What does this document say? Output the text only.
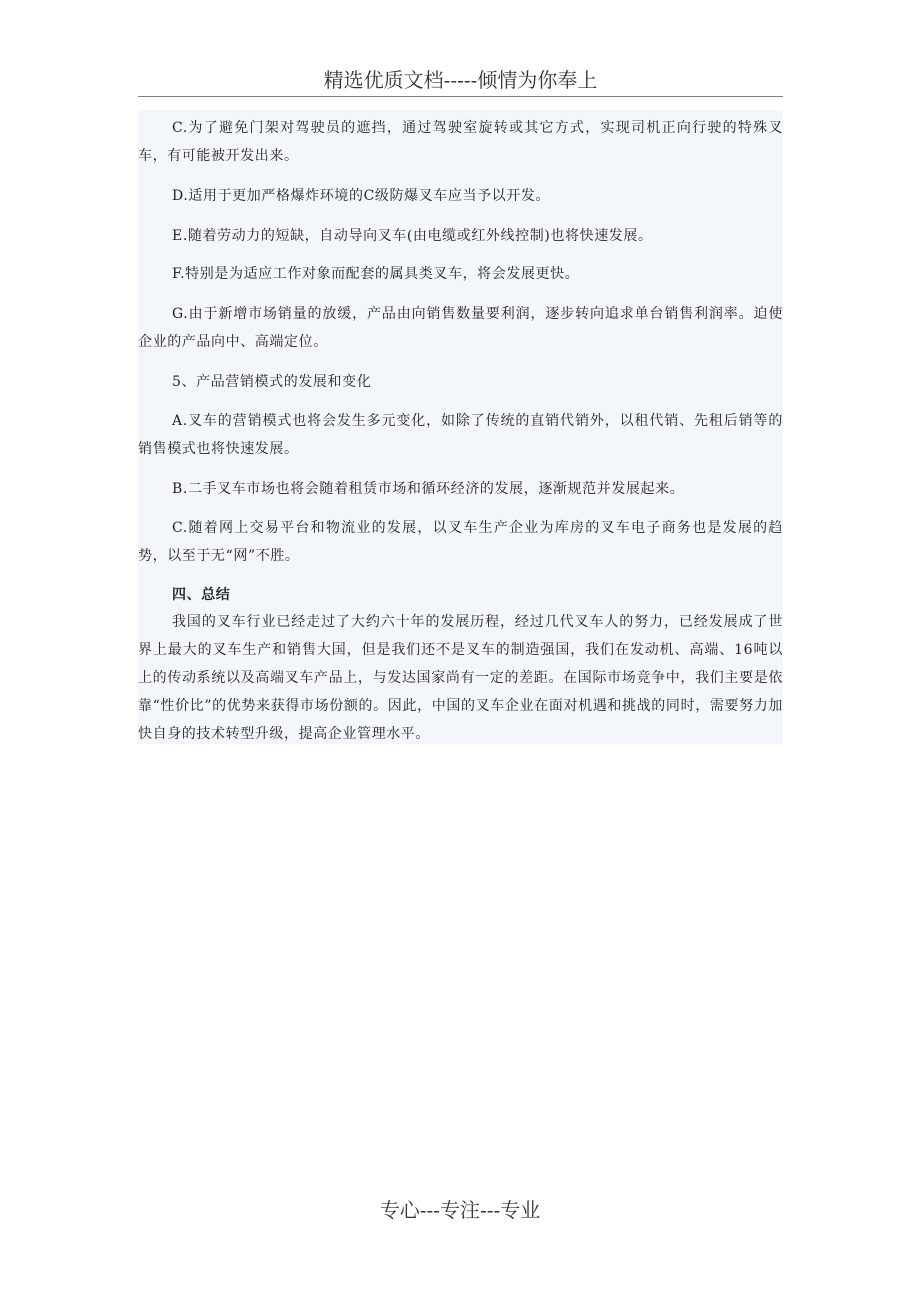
精选优质文档-----倾情为你奉上
C.为了避免门架对驾驶员的遮挡，通过驾驶室旋转或其它方式，实现司机正向行驶的特殊叉车，有可能被开发出来。
D.适用于更加严格爆炸环境的C级防爆叉车应当予以开发。
E.随着劳动力的短缺，自动导向叉车(由电缆或红外线控制)也将快速发展。
F.特别是为适应工作对象而配套的属具类叉车，将会发展更快。
G.由于新增市场销量的放缓，产品由向销售数量要利润，逐步转向追求单台销售利润率。迫使企业的产品向中、高端定位。
5、产品营销模式的发展和变化
A.叉车的营销模式也将会发生多元变化，如除了传统的直销代销外，以租代销、先租后销等的销售模式也将快速发展。
B.二手叉车市场也将会随着租赁市场和循环经济的发展，逐渐规范并发展起来。
C.随着网上交易平台和物流业的发展，以叉车生产企业为库房的叉车电子商务也是发展的趋势，以至于无“网”不胜。
四、总结
我国的叉车行业已经走过了大约六十年的发展历程，经过几代叉车人的努力，已经发展成了世界上最大的叉车生产和销售大国，但是我们还不是叉车的制造强国，我们在发动机、高端、16吨以上的传动系统以及高端叉车产品上，与发达国家尚有一定的差距。在国际市场竞争中，我们主要是依靠“性价比”的优势来获得市场份额的。因此，中国的叉车企业在面对机遇和挑战的同时，需要努力加快自身的技术转型升级，提高企业管理水平。
专心---专注---专业
